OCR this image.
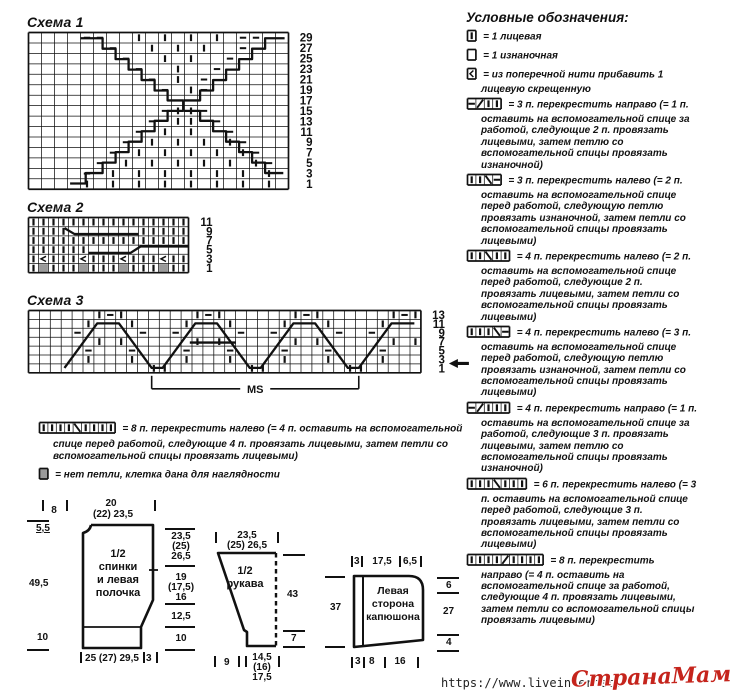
Схема 1
Схема 2
Схема 3
29
27
25
23
21
19
17
15
13
11
9
7
5
3
1
11
9
7
5
3
1
13
11
9
7
5
3
1
MS
= 8 п. перекрестить налево (= 4 п. оставить на вспомогательной спице перед работой, следующие 4 п. провязать лицевыми, затем петли со вспомогательной спицы провязать лицевыми)
= нет петли, клетка дана для наглядности
Условные обозначения:
= 1 лицевая
= 1 изнаночная
= из поперечной нити прибавить 1 лицевую скрещенную
= 3 п. перекрестить направо (= 1 п. оставить на вспомогательной спице за работой, следующие 2 п. провязать лицевыми, затем петлю со вспомогательной спицы провязать изнаночной)
= 3 п. перекрестить налево (= 2 п. оставить на вспомогательной спице перед работой, следующую петлю провязать изнаночной, затем петли со вспомогательной спицы провязать лицевыми)
= 4 п. перекрестить налево (= 2 п. оставить на вспомогательной спице перед работой, следующие 2 п. провязать лицевыми, затем петли со вспомогательной спицы провязать лицевыми)
= 4 п. перекрестить налево (= 3 п. оставить на вспомогательной спице перед работой, следующую петлю провязать изнаночной, затем петли со вспомогательной спицы провязать лицевыми)
= 4 п. перекрестить направо (= 1 п. оставить на вспомогательной спице за работой, следующие 3 п. провязать лицевыми, затем петлю со вспомогательной спицы провязать изнаночной)
= 6 п. перекрестить налево (= 3 п. оставить на вспомогательной спице перед работой, следующие 3 п. провязать лицевыми, затем петли со вспомогательной спицы провязать лицевыми)
= 8 п. перекрестить направо (= 4 п. оставить на вспомогательной спице за работой, следующие 4 п. провязать лицевыми, затем петли со вспомогательной спицы провязать лицевыми)
1/2
спинки
и левая
полочка
1/2
рукава
Левая
сторона
капюшона
20
8	(22) 23,5
5,5
49,5
10
23,5
(25)
26,5
19
(17,5)
16
12,5
10
25 (27) 29,5 3
23,5
(25) 26,5
43
7
9 14,5
(16)
17,5
3 17,5 6,5
37
6
27
4
3 8 16
https://www.liveinternet.
СтранаМам
